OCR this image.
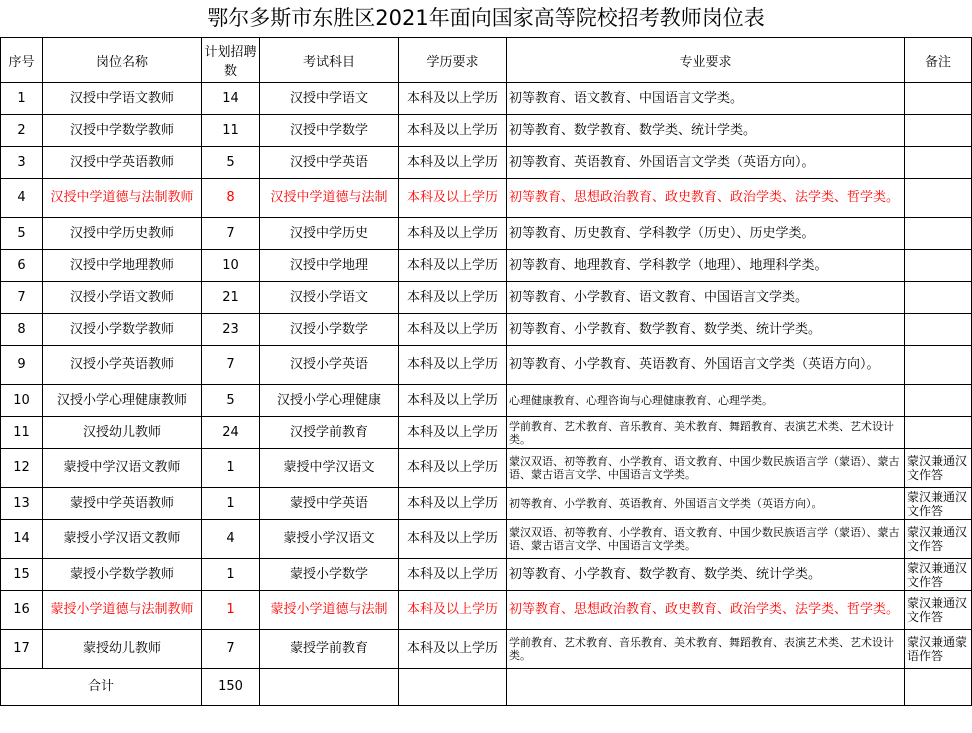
鄂尔多斯市东胜区2021年面向国家高等院校招考教师岗位表
序号	岗位名称	计划招聘数	考试科目	学历要求	专业要求	备注
1	汉授中学语文教师	14	汉授中学语文	本科及以上学历	初等教育、语文教育、中国语言文学类。	
2	汉授中学数学教师	11	汉授中学数学	本科及以上学历	初等教育、数学教育、数学类、统计学类。	
3	汉授中学英语教师	5	汉授中学英语	本科及以上学历	初等教育、英语教育、外国语言文学类（英语方向）。	
4	汉授中学道德与法制教师	8	汉授中学道德与法制	本科及以上学历	初等教育、思想政治教育、政史教育、政治学类、法学类、哲学类。	
5	汉授中学历史教师	7	汉授中学历史	本科及以上学历	初等教育、历史教育、学科教学（历史）、历史学类。	
6	汉授中学地理教师	10	汉授中学地理	本科及以上学历	初等教育、地理教育、学科教学（地理）、地理科学类。	
7	汉授小学语文教师	21	汉授小学语文	本科及以上学历	初等教育、小学教育、语文教育、中国语言文学类。	
8	汉授小学数学教师	23	汉授小学数学	本科及以上学历	初等教育、小学教育、数学教育、数学类、统计学类。	
9	汉授小学英语教师	7	汉授小学英语	本科及以上学历	初等教育、小学教育、英语教育、外国语言文学类（英语方向）。	
10	汉授小学心理健康教师	5	汉授小学心理健康	本科及以上学历	心理健康教育、心理咨询与心理健康教育、心理学类。	
11	汉授幼儿教师	24	汉授学前教育	本科及以上学历	学前教育、艺术教育、音乐教育、美术教育、舞蹈教育、表演艺术类、艺术设计类。	
12	蒙授中学汉语文教师	1	蒙授中学汉语文	本科及以上学历	蒙汉双语、初等教育、小学教育、语文教育、中国少数民族语言学（蒙语）、蒙古语、蒙古语言文学、中国语言文学类。	蒙汉兼通汉文作答
13	蒙授中学英语教师	1	蒙授中学英语	本科及以上学历	初等教育、小学教育、英语教育、外国语言文学类（英语方向）。	蒙汉兼通汉文作答
14	蒙授小学汉语文教师	4	蒙授小学汉语文	本科及以上学历	蒙汉双语、初等教育、小学教育、语文教育、中国少数民族语言学（蒙语）、蒙古语、蒙古语言文学、中国语言文学类。	蒙汉兼通汉文作答
15	蒙授小学数学教师	1	蒙授小学数学	本科及以上学历	初等教育、小学教育、数学教育、数学类、统计学类。	蒙汉兼通汉文作答
16	蒙授小学道德与法制教师	1	蒙授小学道德与法制	本科及以上学历	初等教育、思想政治教育、政史教育、政治学类、法学类、哲学类。	蒙汉兼通汉文作答
17	蒙授幼儿教师	7	蒙授学前教育	本科及以上学历	学前教育、艺术教育、音乐教育、美术教育、舞蹈教育、表演艺术类、艺术设计类。	蒙汉兼通蒙语作答
合计		150				
